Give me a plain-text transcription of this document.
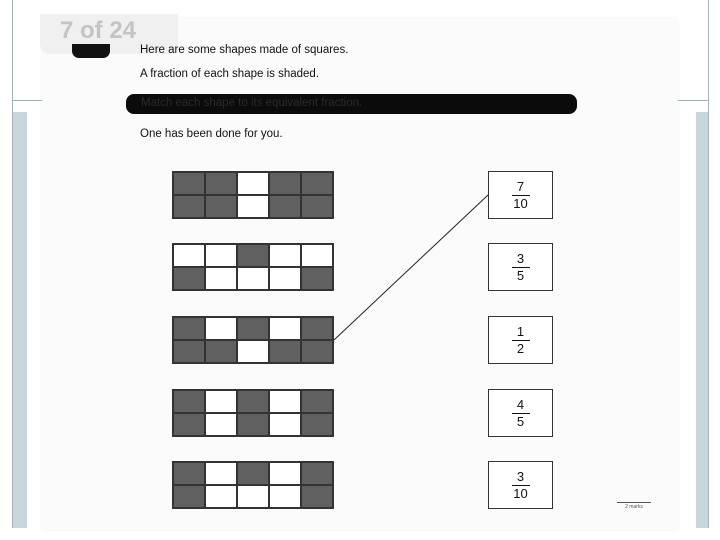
7 of 24
Here are some shapes made of squares.
A fraction of each shape is shaded.
Match each shape to its equivalent fraction.
One has been done for you.
$\frac{7}{10}$
$\frac{3}{5}$
$\frac{1}{2}$
$\frac{4}{5}$
$\frac{3}{10}$
2 marks
